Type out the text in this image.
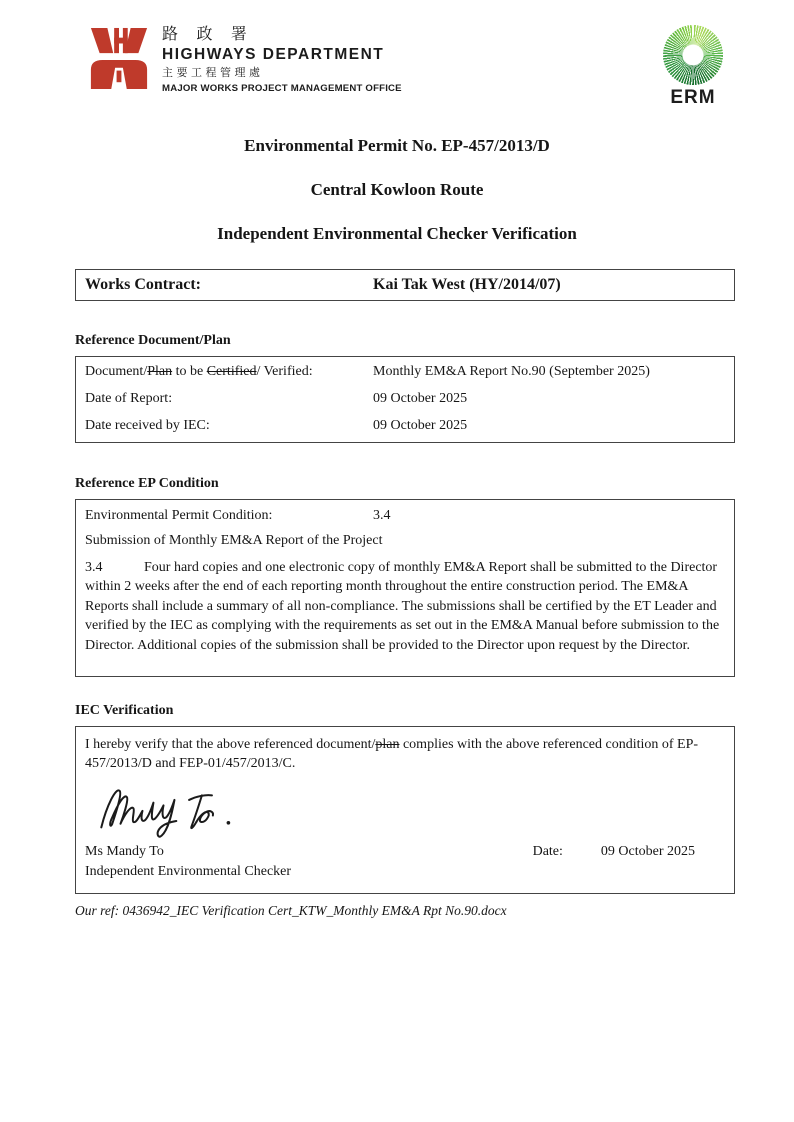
路 政 署
HIGHWAYS DEPARTMENT
主要工程管理處
MAJOR WORKS PROJECT MANAGEMENT OFFICE	ERM
Environmental Permit No. EP-457/2013/D
Central Kowloon Route
Independent Environmental Checker Verification
Works Contract:	Kai Tak West (HY/2014/07)
Reference Document/Plan
Document/Plan to be Certified/ Verified:	Monthly EM&A Report No.90 (September 2025)
Date of Report:	09 October 2025
Date received by IEC:	09 October 2025
Reference EP Condition
Environmental Permit Condition:	3.4
Submission of Monthly EM&A Report of the Project

3.4	Four hard copies and one electronic copy of monthly EM&A Report shall be submitted to the Director within 2 weeks after the end of each reporting month throughout the entire construction period. The EM&A Reports shall include a summary of all non-compliance. The submissions shall be certified by the ET Leader and verified by the IEC as complying with the requirements as set out in the EM&A Manual before submission to the Director. Additional copies of the submission shall be provided to the Director upon request by the Director.

IEC Verification
I hereby verify that the above referenced document/plan complies with the above referenced condition of EP-457/2013/D and FEP-01/457/2013/C.
Ms Mandy To	Date:	09 October 2025
Independent Environmental Checker
Our ref: 0436942_IEC Verification Cert_KTW_Monthly EM&A Rpt No.90.docx
